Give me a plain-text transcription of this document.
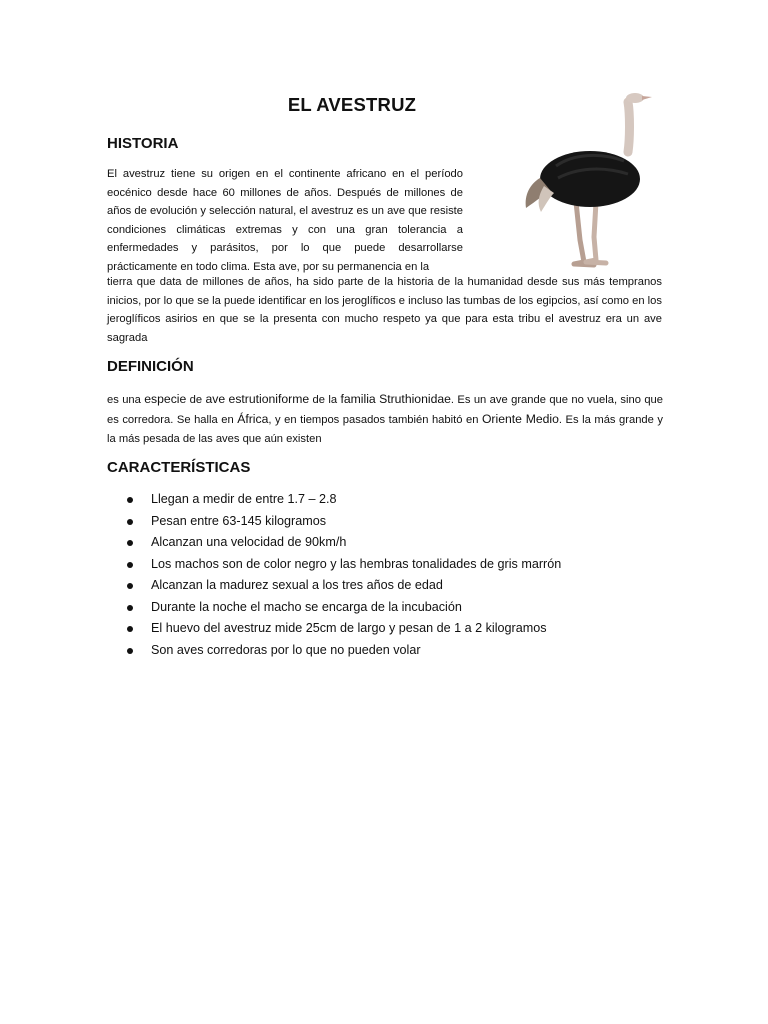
EL AVESTRUZ
HISTORIA
El avestruz tiene su origen en el continente africano en el período eocénico desde hace 60 millones de años. Después de millones de años de evolución y selección natural, el avestruz es un ave que resiste condiciones climáticas extremas y con una gran tolerancia a enfermedades y parásitos, por lo que puede desarrollarse prácticamente en todo clima. Esta ave, por su permanencia en la
tierra que data de millones de años, ha sido parte de la historia de la humanidad desde sus más tempranos inicios, por lo que se la puede identificar en los jeroglíficos e incluso las tumbas de los egipcios, así como en los jeroglíficos asirios en que se la presenta con mucho respeto ya que para esta tribu el avestruz era un ave sagrada
DEFINICIÓN
es una especie de ave estrutioniforme de la familia Struthionidae. Es un ave grande que no vuela, sino que es corredora. Se halla en África, y en tiempos pasados también habitó en Oriente Medio. Es la más grande y la más pesada de las aves que aún existen
CARACTERÍSTICAS
Llegan a medir de entre 1.7 – 2.8
Pesan entre 63-145 kilogramos
Alcanzan una velocidad de 90km/h
Los machos son de color negro y las hembras tonalidades de gris marrón
Alcanzan la madurez sexual a los tres años de edad
Durante la noche el macho se encarga de la incubación
El huevo del avestruz mide 25cm de largo y pesan de 1 a 2 kilogramos
Son aves corredoras por lo que no pueden volar
